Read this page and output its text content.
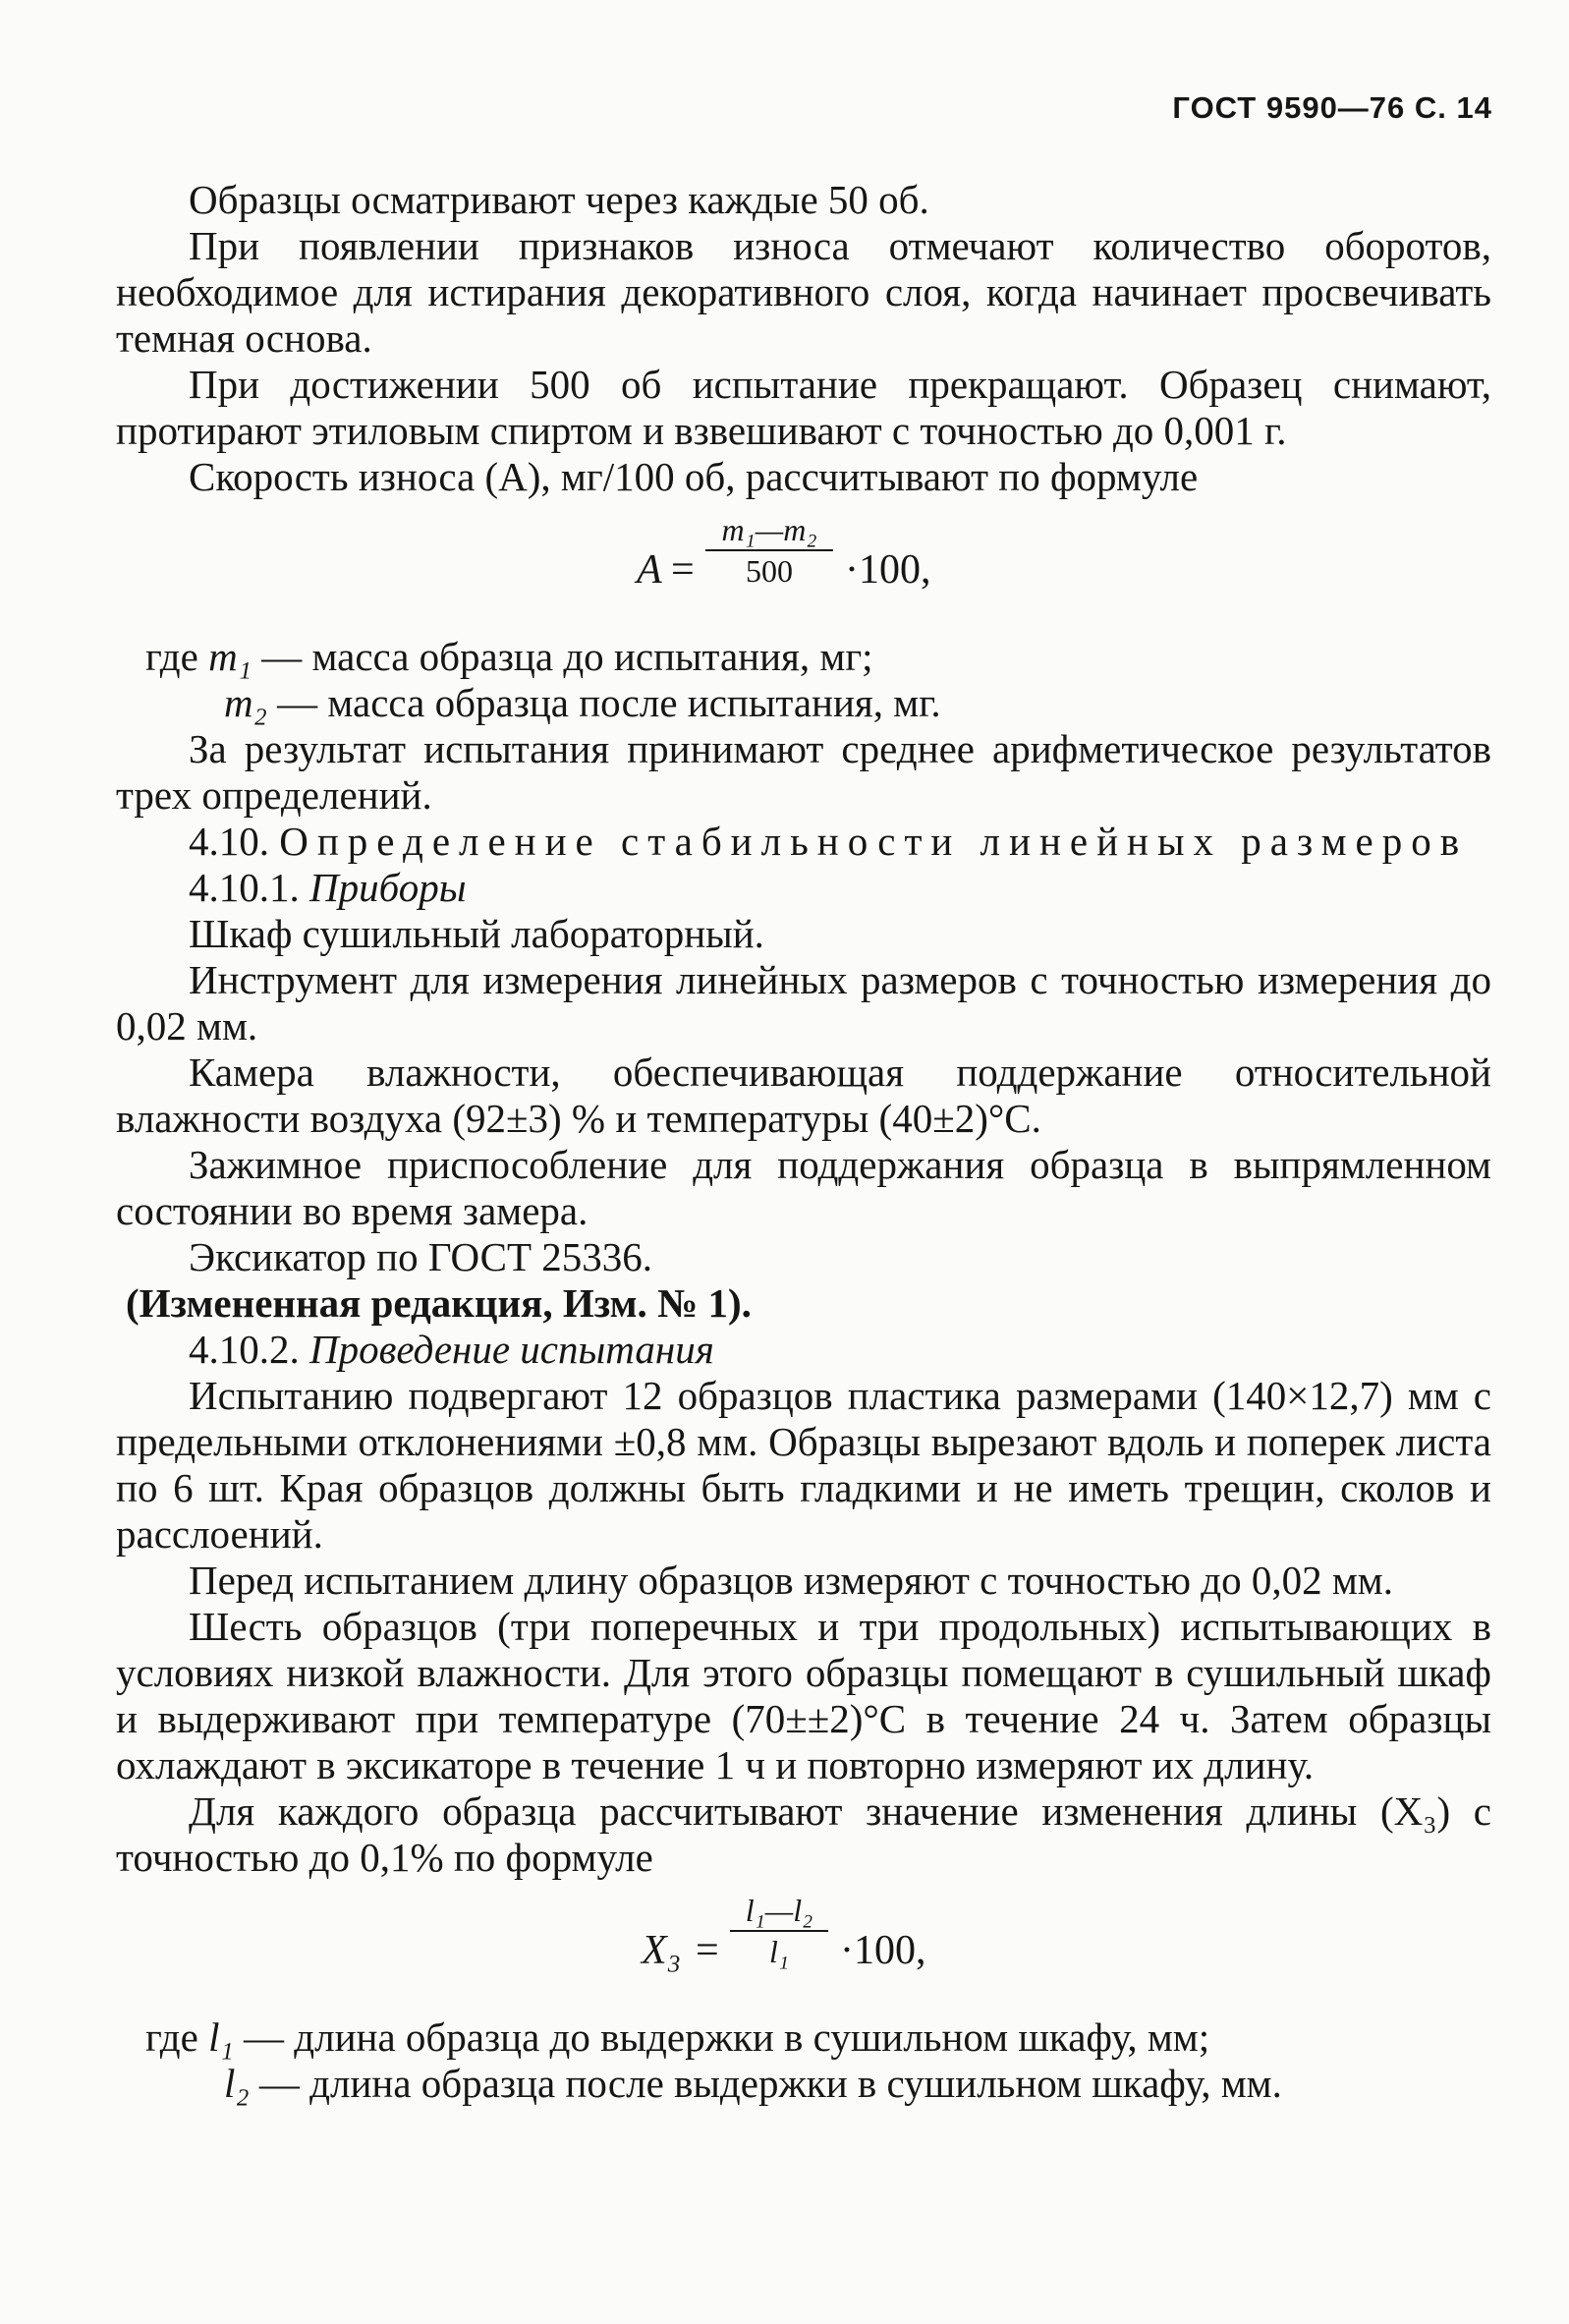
ГОСТ 9590—76 С. 14

Образцы осматривают через каждые 50 об.

При появлении признаков износа отмечают количество оборотов, необходимое для истирания декоративного слоя, когда начинает просвечивать темная основа.

При достижении 500 об испытание прекращают. Образец снимают, протирают этиловым спиртом и взвешивают с точностью до 0,001 г.

Скорость износа (A), мг/100 об, рассчитывают по формуле

A =
m₁—m₂
500	·100,

где m₁ — масса образца до испытания, мг;

m₂ — масса образца после испытания, мг.

За результат испытания принимают среднее арифметическое результатов трех определений.

4.10. Определение стабильности линейных размеров

4.10.1. Приборы

Шкаф сушильный лабораторный.

Инструмент для измерения линейных размеров с точностью измерения до 0,02 мм.

Камера влажности, обеспечивающая поддержание относительной влажности воздуха (92±3) % и температуры (40±2)°C.

Зажимное приспособление для поддержания образца в выпрямленном состоянии во время замера.

Эксикатор по ГОСТ 25336.

(Измененная редакция, Изм. № 1).

4.10.2. Проведение испытания

Испытанию подвергают 12 образцов пластика размерами (140×12,7) мм с предельными отклонениями ±0,8 мм. Образцы вырезают вдоль и поперек листа по 6 шт. Края образцов должны быть гладкими и не иметь трещин, сколов и расслоений.

Перед испытанием длину образцов измеряют с точностью до 0,02 мм.

Шесть образцов (три поперечных и три продольных) испытывающих в условиях низкой влажности. Для этого образцы помещают в сушильный шкаф и выдерживают при температуре (70±±2)°C в течение 24 ч. Затем образцы охлаждают в эксикаторе в течение 1 ч и повторно измеряют их длину.

Для каждого образца рассчитывают значение изменения длины (X₃) с точностью до 0,1% по формуле

X₃ =
l₁—l₂
l₁	·100,

где l₁ — длина образца до выдержки в сушильном шкафу, мм;

l₂ — длина образца после выдержки в сушильном шкафу, мм.
